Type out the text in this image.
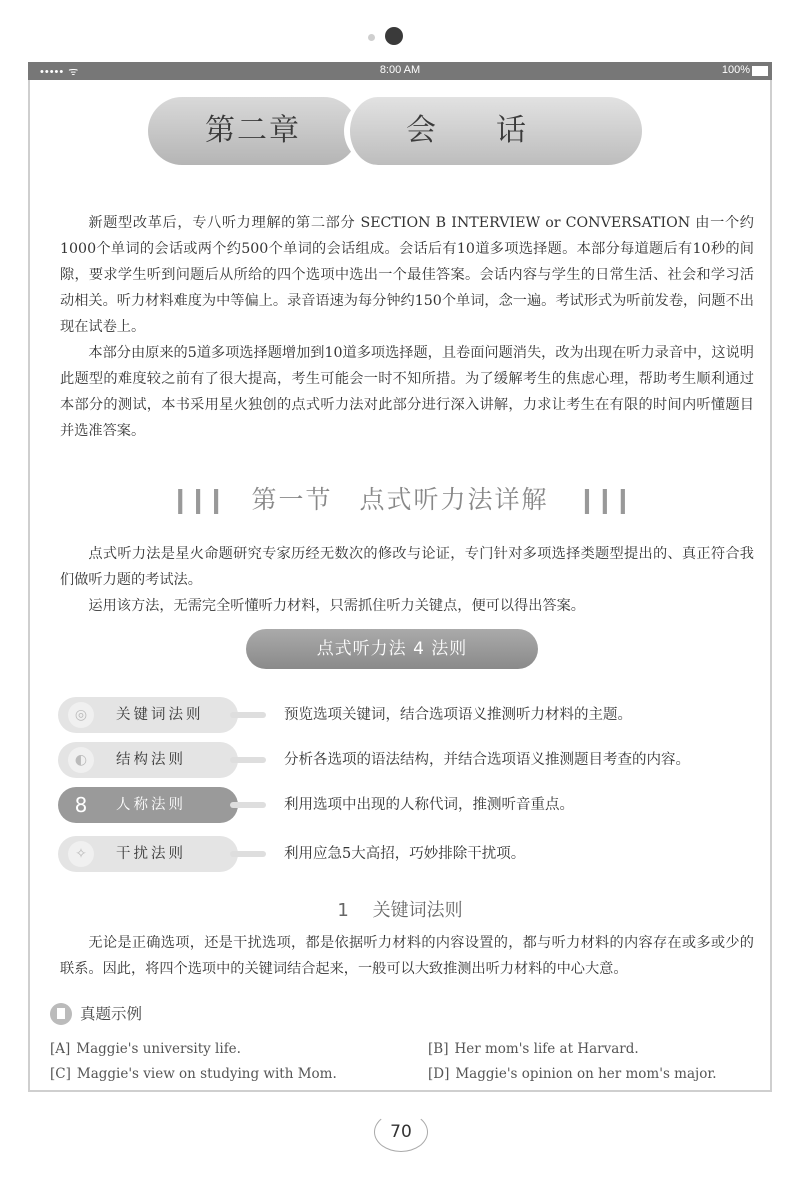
••••• ᯤ	8:00 AM	100%
第二章	会话

新题型改革后，专八听力理解的第二部分 SECTION B INTERVIEW or CONVERSATION 由一个约1000个单词的会话或两个约500个单词的会话组成。会话后有10道多项选择题。本部分每道题后有10秒的间隙，要求学生听到问题后从所给的四个选项中选出一个最佳答案。会话内容与学生的日常生活、社会和学习活动相关。听力材料难度为中等偏上。录音语速为每分钟约150个单词，念一遍。考试形式为听前发卷，问题不出现在试卷上。

本部分由原来的5道多项选择题增加到10道多项选择题，且卷面问题消失，改为出现在听力录音中，这说明此题型的难度较之前有了很大提高，考生可能会一时不知所措。为了缓解考生的焦虑心理，帮助考生顺利通过本部分的测试，本书采用星火独创的点式听力法对此部分进行深入讲解，力求让考生在有限的时间内听懂题目并选准答案。

❙❙❙ 第一节　点式听力法详解 ❙❙❙

点式听力法是星火命题研究专家历经无数次的修改与论证，专门针对多项选择类题型提出的、真正符合我们做听力题的考试法。

运用该方法，无需完全听懂听力材料，只需抓住听力关键点，便可以得出答案。

点式听力法 4 法则
◎	关键词法则	预览选项关键词，结合选项语义推测听力材料的主题。
◐	结构法则	分析各选项的语法结构，并结合选项语义推测题目考查的内容。
8	人称法则	利用选项中出现的人称代词，推测听音重点。
✧	干扰法则	利用应急5大高招，巧妙排除干扰项。
1 关键词法则

无论是正确选项，还是干扰选项，都是依据听力材料的内容设置的，都与听力材料的内容存在或多或少的联系。因此，将四个选项中的关键词结合起来，一般可以大致推测出听力材料的中心大意。

真题示例
[A] Maggie's university life.	[B] Her mom's life at Harvard.
[C] Maggie's view on studying with Mom.	[D] Maggie's opinion on her mom's major.
70
